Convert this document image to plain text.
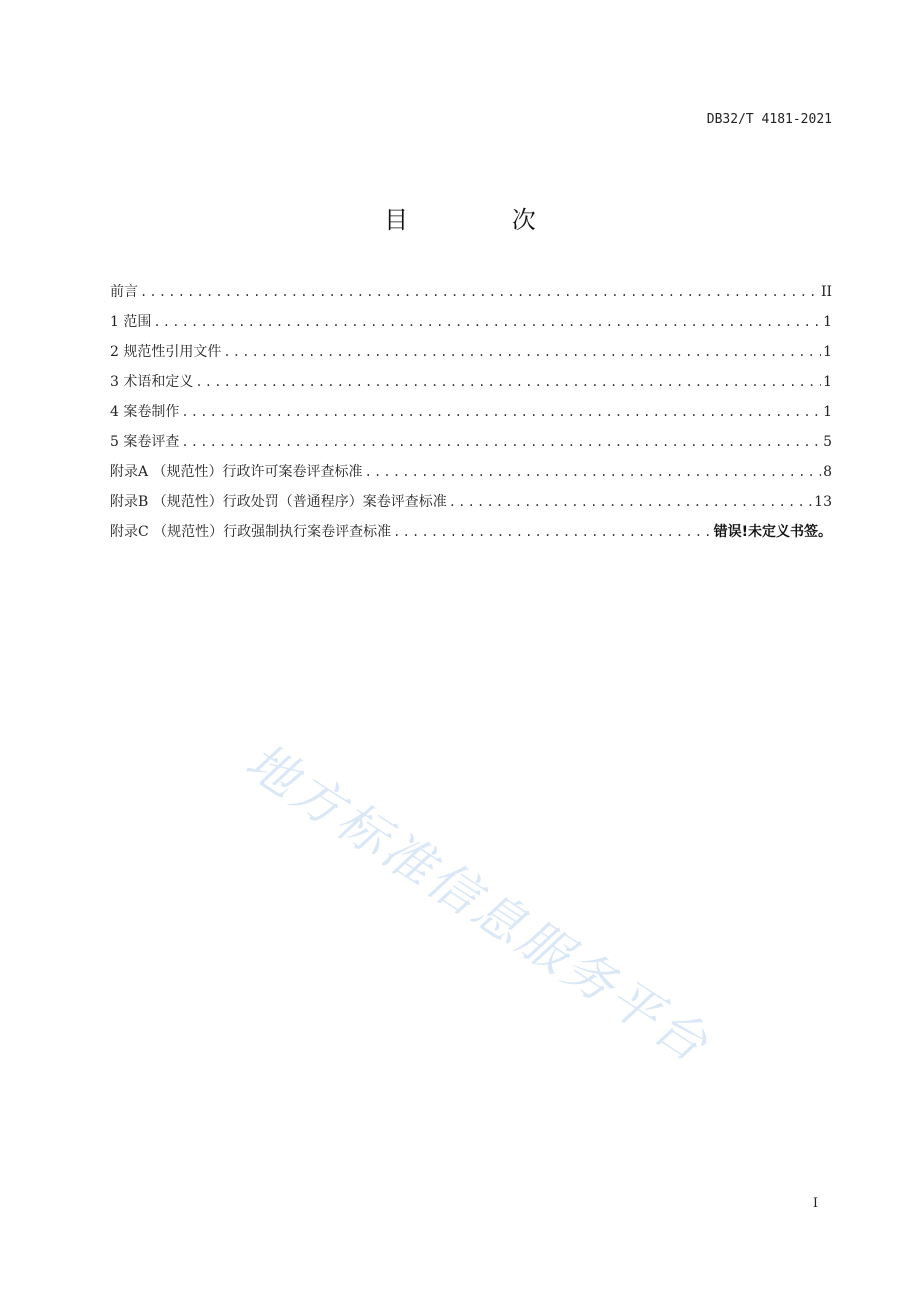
DB32/T 4181-2021
目 次
前言 .....	II
1 范围 .....	1
2 规范性引用文件 .....	1
3 术语和定义 .....	1
4 案卷制作 .....	1
5 案卷评查 .....	5
附录A （规范性）行政许可案卷评查标准 .....	8
附录B （规范性）行政处罚（普通程序）案卷评查标准 .....	13
附录C （规范性）行政强制执行案卷评查标准 .....	错误!未定义书签。
地方标准信息服务平台
I
